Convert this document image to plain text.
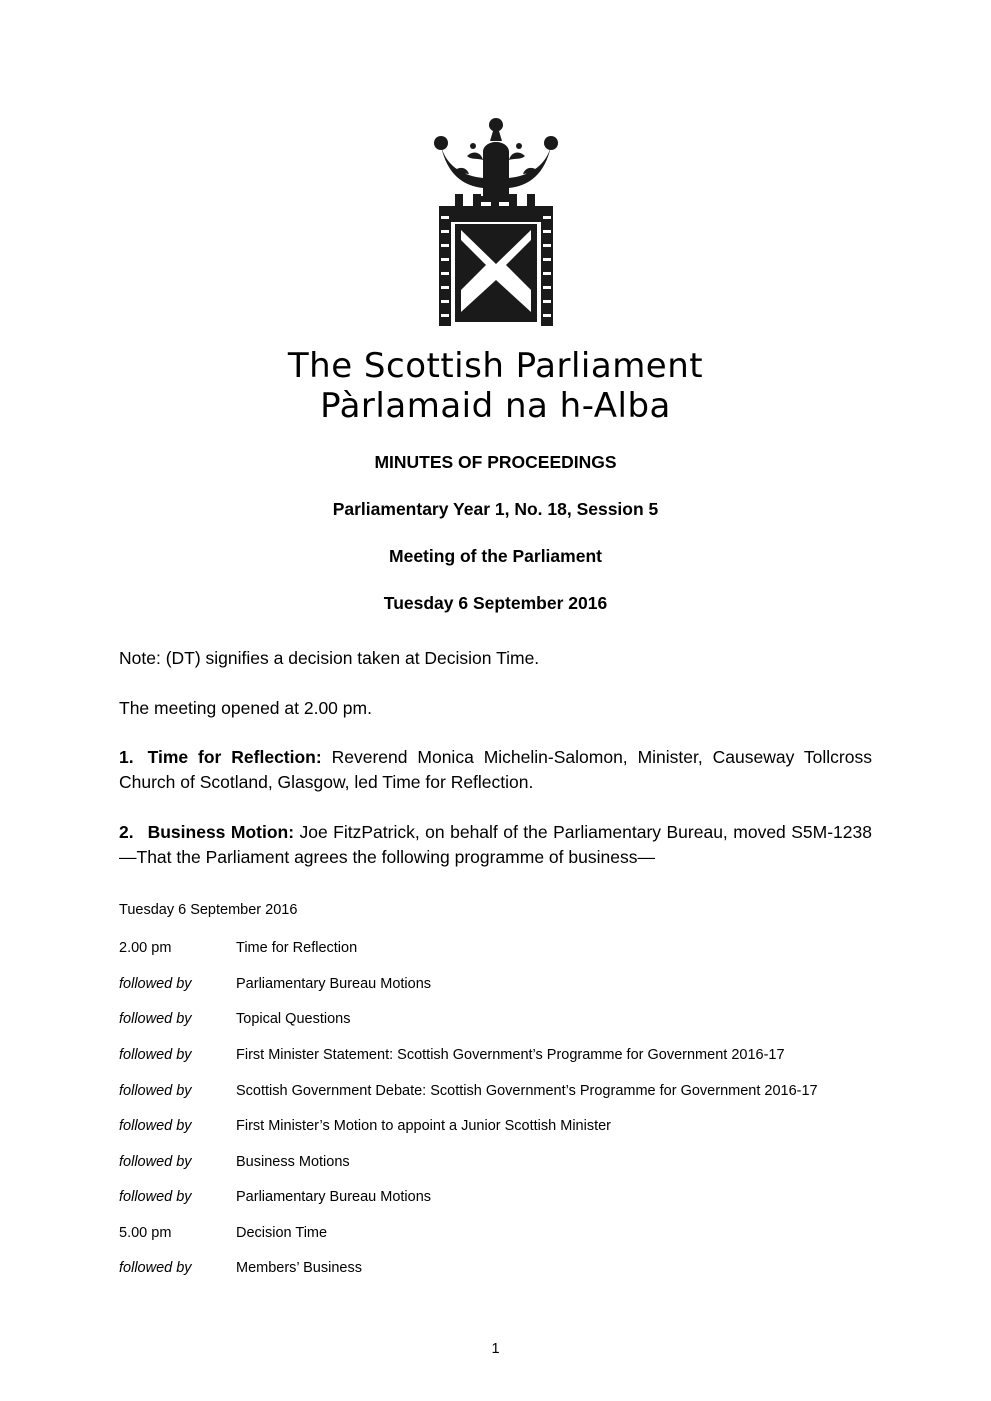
The Scottish Parliament
Pàrlamaid na h-Alba
MINUTES OF PROCEEDINGS
Parliamentary Year 1, No. 18, Session 5
Meeting of the Parliament
Tuesday 6 September 2016

Note: (DT) signifies a decision taken at Decision Time.

The meeting opened at 2.00 pm.

1. Time for Reflection: Reverend Monica Michelin-Salomon, Minister, Causeway Tollcross Church of Scotland, Glasgow, led Time for Reflection.

2. Business Motion: Joe FitzPatrick, on behalf of the Parliamentary Bureau, moved S5M-1238—That the Parliament agrees the following programme of business—

Tuesday 6 September 2016
2.00 pm	Time for Reflection
followed by	Parliamentary Bureau Motions
followed by	Topical Questions
followed by	First Minister Statement: Scottish Government’s Programme for Government 2016-17
followed by	Scottish Government Debate: Scottish Government’s Programme for Government 2016-17
followed by	First Minister’s Motion to appoint a Junior Scottish Minister
followed by	Business Motions
followed by	Parliamentary Bureau Motions
5.00 pm	Decision Time
followed by	Members’ Business
1
